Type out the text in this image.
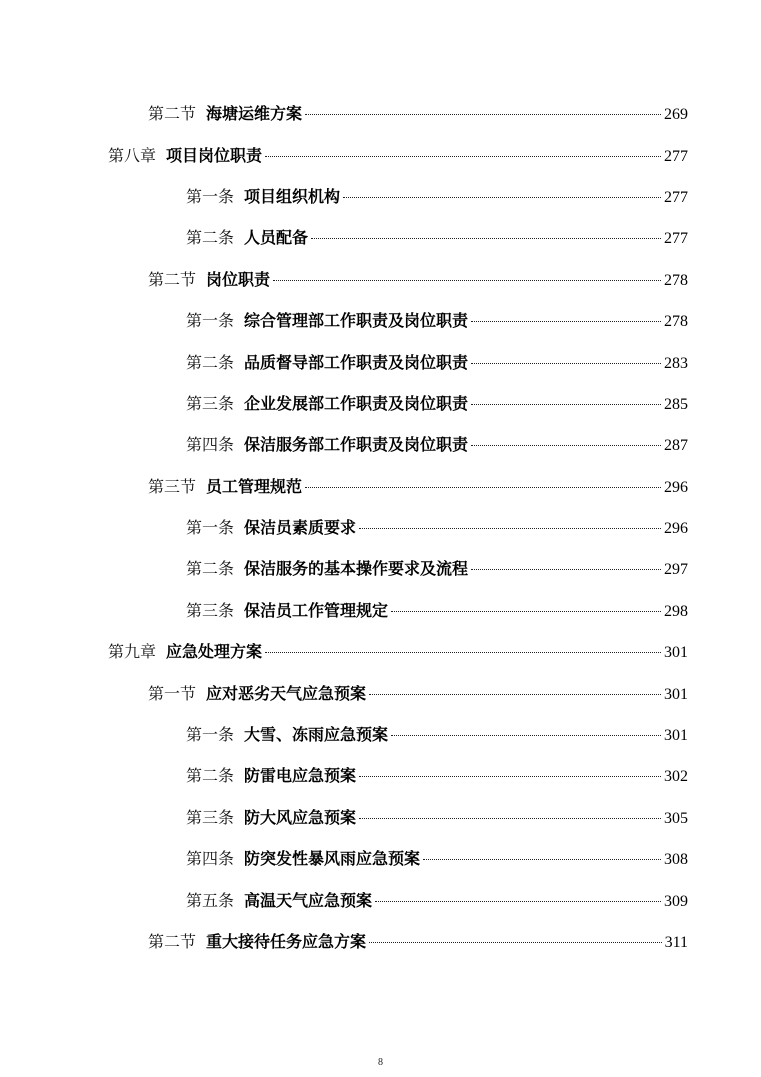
第二节 海塘运维方案	269
第八章 项目岗位职责	277
第一条 项目组织机构	277
第二条 人员配备	277
第二节 岗位职责	278
第一条 综合管理部工作职责及岗位职责	278
第二条 品质督导部工作职责及岗位职责	283
第三条 企业发展部工作职责及岗位职责	285
第四条 保洁服务部工作职责及岗位职责	287
第三节 员工管理规范	296
第一条 保洁员素质要求	296
第二条 保洁服务的基本操作要求及流程	297
第三条 保洁员工作管理规定	298
第九章 应急处理方案	301
第一节 应对恶劣天气应急预案	301
第一条 大雪、冻雨应急预案	301
第二条 防雷电应急预案	302
第三条 防大风应急预案	305
第四条 防突发性暴风雨应急预案	308
第五条 高温天气应急预案	309
第二节 重大接待任务应急方案	311
8
